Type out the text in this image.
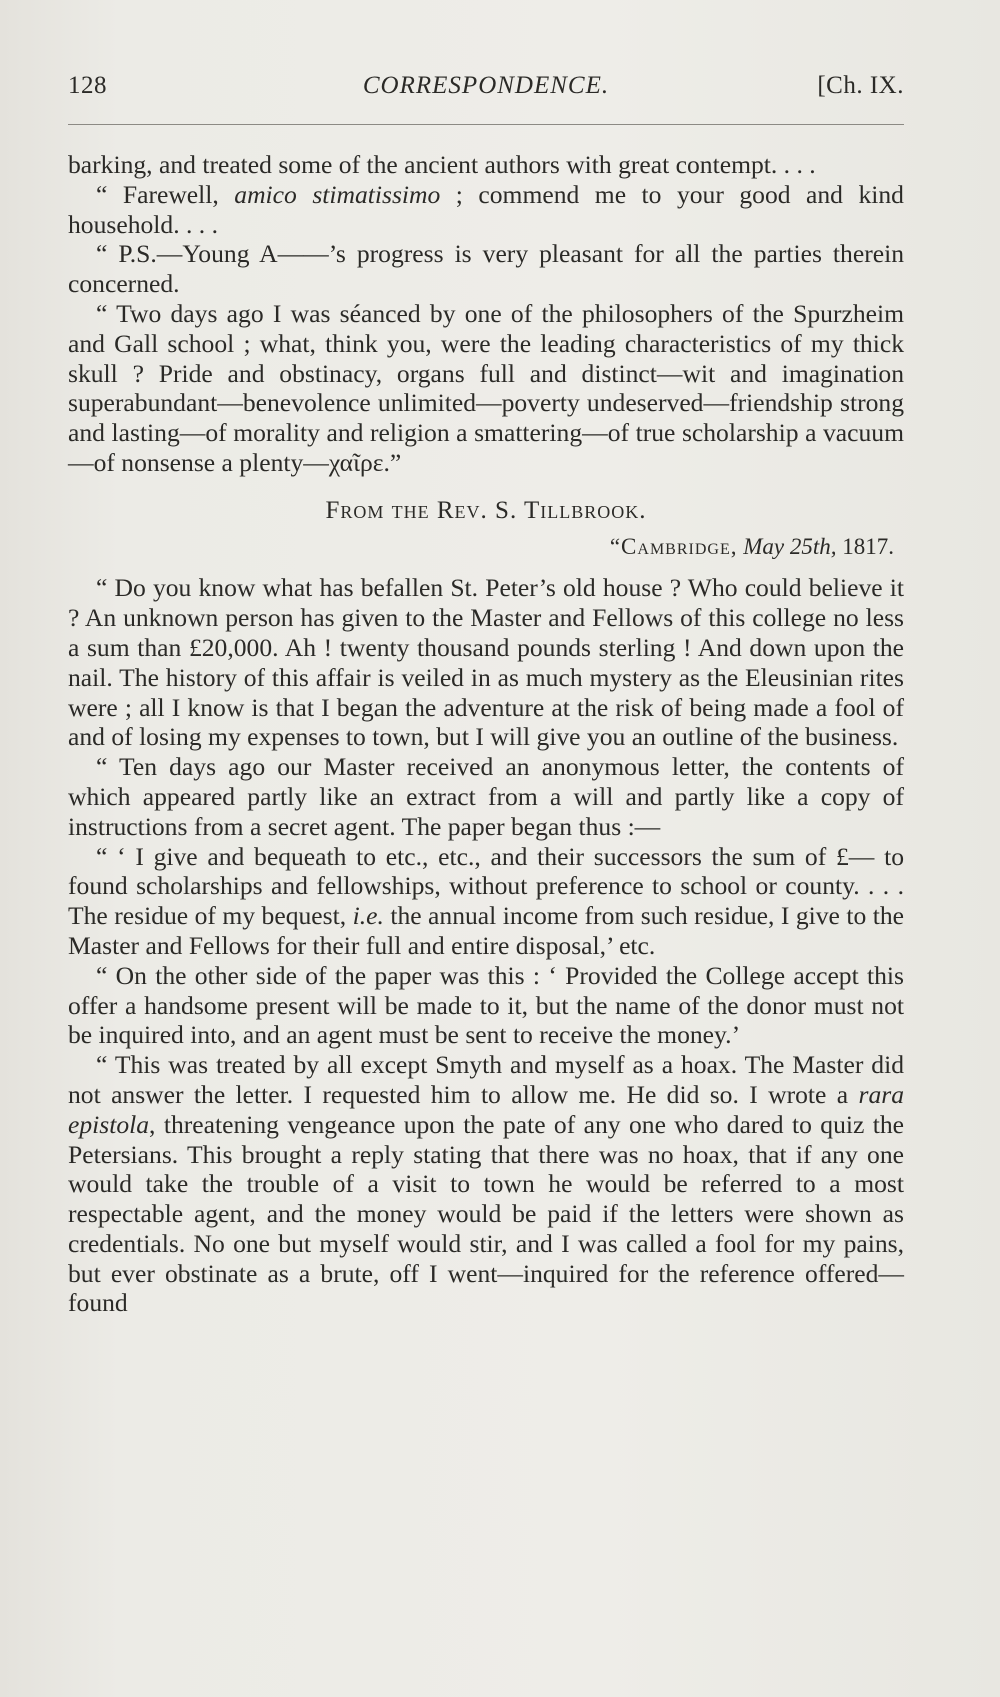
128	CORRESPONDENCE.	[Ch. IX.

barking, and treated some of the ancient authors with great contempt. . . .

“ Farewell, amico stimatissimo ; commend me to your good and kind household. . . .

“ P.S.—Young A——’s progress is very pleasant for all the parties therein concerned.

“ Two days ago I was séanced by one of the philosophers of the Spurzheim and Gall school ; what, think you, were the leading characteristics of my thick skull ? Pride and obstinacy, organs full and distinct—wit and imagination superabundant—benevolence unlimited—poverty undeserved—friendship strong and lasting—of morality and religion a smattering—of true scholarship a vacuum—of nonsense a plenty—χαῖρε.”

From the Rev. S. Tillbrook.
“Cambridge, May 25th, 1817.

“ Do you know what has befallen St. Peter’s old house ? Who could believe it ? An unknown person has given to the Master and Fellows of this college no less a sum than £20,000. Ah ! twenty thousand pounds sterling ! And down upon the nail. The history of this affair is veiled in as much mystery as the Eleusinian rites were ; all I know is that I began the adventure at the risk of being made a fool of and of losing my expenses to town, but I will give you an outline of the business.

“ Ten days ago our Master received an anonymous letter, the contents of which appeared partly like an extract from a will and partly like a copy of instructions from a secret agent. The paper began thus :—

“ ‘ I give and bequeath to etc., etc., and their successors the sum of £— to found scholarships and fellowships, without preference to school or county. . . . The residue of my bequest, i.e. the annual income from such residue, I give to the Master and Fellows for their full and entire disposal,’ etc.

“ On the other side of the paper was this : ‘ Provided the College accept this offer a handsome present will be made to it, but the name of the donor must not be inquired into, and an agent must be sent to receive the money.’

“ This was treated by all except Smyth and myself as a hoax. The Master did not answer the letter. I requested him to allow me. He did so. I wrote a rara epistola, threatening vengeance upon the pate of any one who dared to quiz the Petersians. This brought a reply stating that there was no hoax, that if any one would take the trouble of a visit to town he would be referred to a most respectable agent, and the money would be paid if the letters were shown as credentials. No one but myself would stir, and I was called a fool for my pains, but ever obstinate as a brute, off I went—inquired for the reference offered—found
